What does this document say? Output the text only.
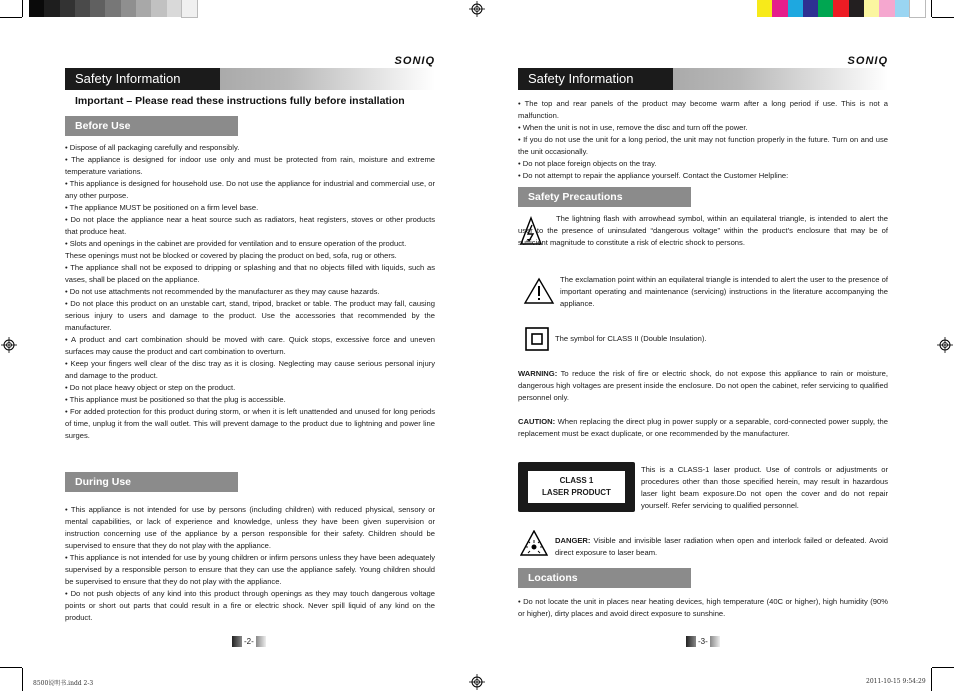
SONIQ
Safety Information
Important – Please read these instructions fully before installation
Before Use

• Dispose of all packaging carefully and responsibly.

• The appliance is designed for indoor use only and must be protected from rain, moisture and extreme temperature variations.

• This appliance is designed for household use. Do not use the appliance for industrial and commercial use, or any other purpose.

• The appliance MUST be positioned on a firm level base.

• Do not place the appliance near a heat source such as radiators, heat registers, stoves or other products that produce heat.

• Slots and openings in the cabinet are provided for ventilation and to ensure operation of the product.

These openings must not be blocked or covered by placing the product on bed, sofa, rug or others.

• The appliance shall not be exposed to dripping or splashing and that no objects filled with liquids, such as vases, shall be placed on the appliance.

• Do not use attachments not recommended by the manufacturer as they may cause hazards.

• Do not place this product on an unstable cart, stand, tripod, bracket or table. The product may fall, causing serious injury to users and damage to the product. Use the accessories that recommended by the manufacturer.

• A product and cart combination should be moved with care. Quick stops, excessive force and uneven surfaces may cause the product and cart combination to overturn.

• Keep your fingers well clear of the disc tray as it is closing. Neglecting may cause serious personal injury and damage to the product.

• Do not place heavy object or step on the product.

• This appliance must be positioned so that the plug is accessible.

• For added protection for this product during storm, or when it is left unattended and unused for long periods of time, unplug it from the wall outlet. This will prevent damage to the product due to lightning and power line surges.

During Use

• This appliance is not intended for use by persons (including children) with reduced physical, sensory or mental capabilities, or lack of experience and knowledge, unless they have been given supervision or instruction concerning use of the appliance by a person responsible for their safety. Children should be supervised to ensure that they do not play with the appliance.

• This appliance is not intended for use by young children or infirm persons unless they have been adequately supervised by a responsible person to ensure that they can use the appliance safely. Young children should be supervised to ensure that they do not play with the appliance.

• Do not push objects of any kind into this product through openings as they may touch dangerous voltage points or short out parts that could result in a fire or electric shock. Never spill liquid of any kind on the product.

-2-
SONIQ
Safety Information

• The top and rear panels of the product may become warm after a long period if use. This is not a malfunction.

• When the unit is not in use, remove the disc and turn off the power.

• If you do not use the unit for a long period, the unit may not function properly in the future. Turn on and use the unit occasionally.

• Do not place foreign objects on the tray.

• Do not attempt to repair the appliance yourself. Contact the Customer Helpline:

Safety Precautions
The lightning flash with arrowhead symbol, within an equilateral triangle, is intended to alert the user to the presence of uninsulated “dangerous voltage” within the product’s enclosure that may be of sufficient magnitude to constitute a risk of electric shock to persons.
The exclamation point within an equilateral triangle is intended to alert the user to the presence of important operating and maintenance (servicing) instructions in the literature accompanying the appliance.
The symbol for CLASS II (Double Insulation).
WARNING: To reduce the risk of fire or electric shock, do not expose this appliance to rain or moisture, dangerous high voltages are present inside the enclosure. Do not open the cabinet, refer servicing to qualified personnel only.
CAUTION: When replacing the direct plug in power supply or a separable, cord-connected power supply, the replacement must be exact duplicate, or one recommended by the manufacturer.
CLASS 1
LASER PRODUCT
This is a CLASS-1 laser product. Use of controls or adjustments or procedures other than those specified herein, may result in hazardous laser light beam exposure.Do not open the cover and do not repair yourself. Refer servicing to qualified personnel.
DANGER: Visible and invisible laser radiation when open and interlock failed or defeated. Avoid direct exposure to laser beam.
Locations
• Do not locate the unit in places near heating devices, high temperature (40C or higher), high humidity (90% or higher), dirty places and avoid direct exposure to sunshine.
-3-
8500说明书.indd 2-3	2011-10-15 9:54:29
